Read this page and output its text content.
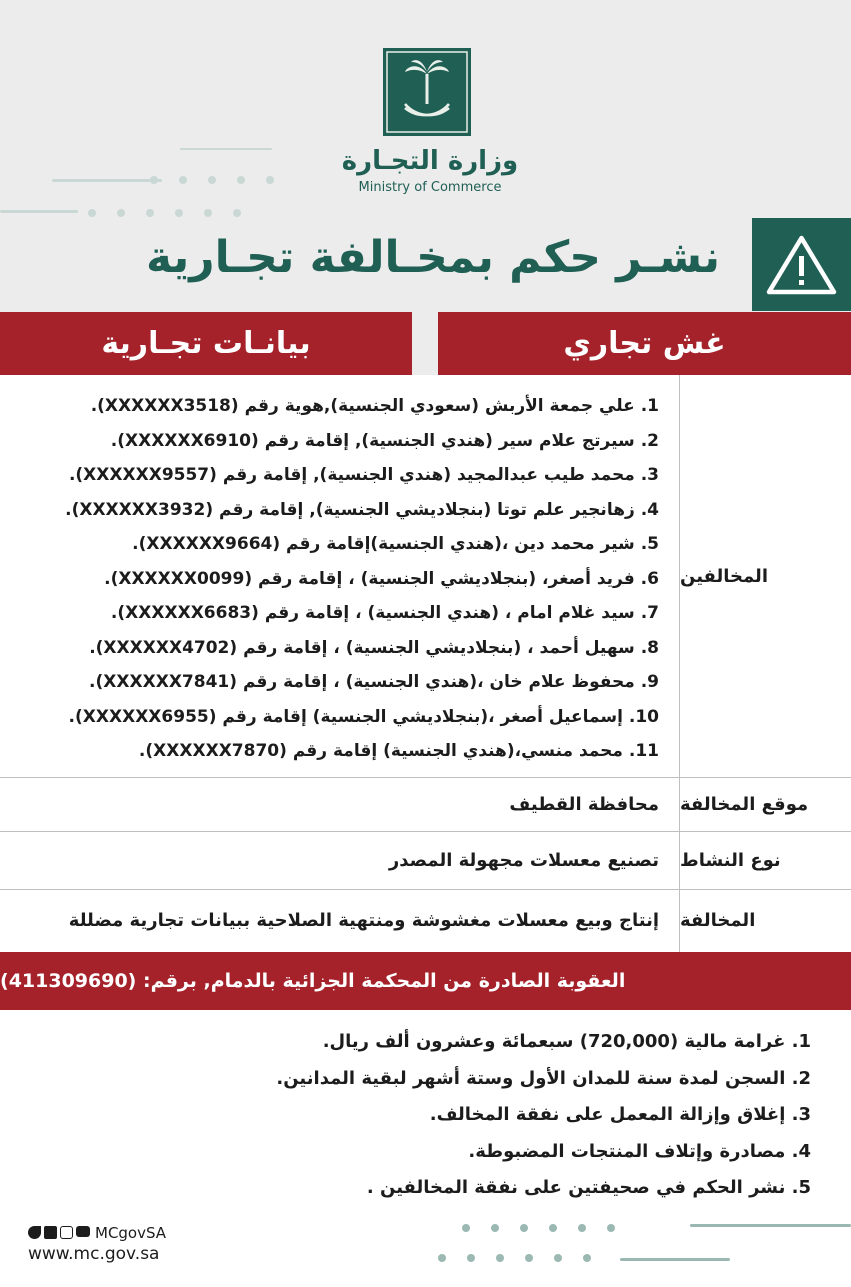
وزارة التجـارة
Ministry of Commerce
نشـر حكم بمخـالفة تجـارية
غش تجاري
بيانـات تجـارية
المخالفين
1. علي جمعة الأربش (سعودي الجنسية),هوية رقم (XXXXXX3518).
2. سيرتج علام سير (هندي الجنسية), إقامة رقم (XXXXXX6910).
3. محمد طيب عبدالمجيد (هندي الجنسية), إقامة رقم (XXXXXX9557).
4. زهانجير علم توتا (بنجلاديشي الجنسية), إقامة رقم (XXXXXX3932).
5. شير محمد دين ،(هندي الجنسية)إقامة رقم (XXXXXX9664).
6. فريد أصغر، (بنجلاديشي الجنسية) ، إقامة رقم (XXXXXX0099).
7. سيد غلام امام ، (هندي الجنسية) ، إقامة رقم (XXXXXX6683).
8. سهيل أحمد ، (بنجلاديشي الجنسية) ، إقامة رقم (XXXXXX4702).
9. محفوظ علام خان ،(هندي الجنسية) ، إقامة رقم (XXXXXX7841).
10. إسماعيل أصغر ،(بنجلاديشي الجنسية) إقامة رقم (XXXXXX6955).
11. محمد منسي،(هندي الجنسية) إقامة رقم (XXXXXX7870).
موقع المخالفة
محافظة القطيف
نوع النشاط
تصنيع معسلات مجهولة المصدر
المخالفة
إنتاج وبيع معسلات مغشوشة ومنتهية الصلاحية ببيانات تجارية مضللة
العقوبة الصادرة من المحكمة الجزائية بالدمام, برقم: (411309690)
1. غرامة مالية (720,000) سبعمائة وعشرون ألف ريال.
2. السجن لمدة سنة للمدان الأول وستة أشهر لبقية المدانين.
3. إغلاق وإزالة المعمل على نفقة المخالف.
4. مصادرة وإتلاف المنتجات المضبوطة.
5. نشر الحكم في صحيفتين على نفقة المخالفين .
MCgovSA
www.mc.gov.sa
